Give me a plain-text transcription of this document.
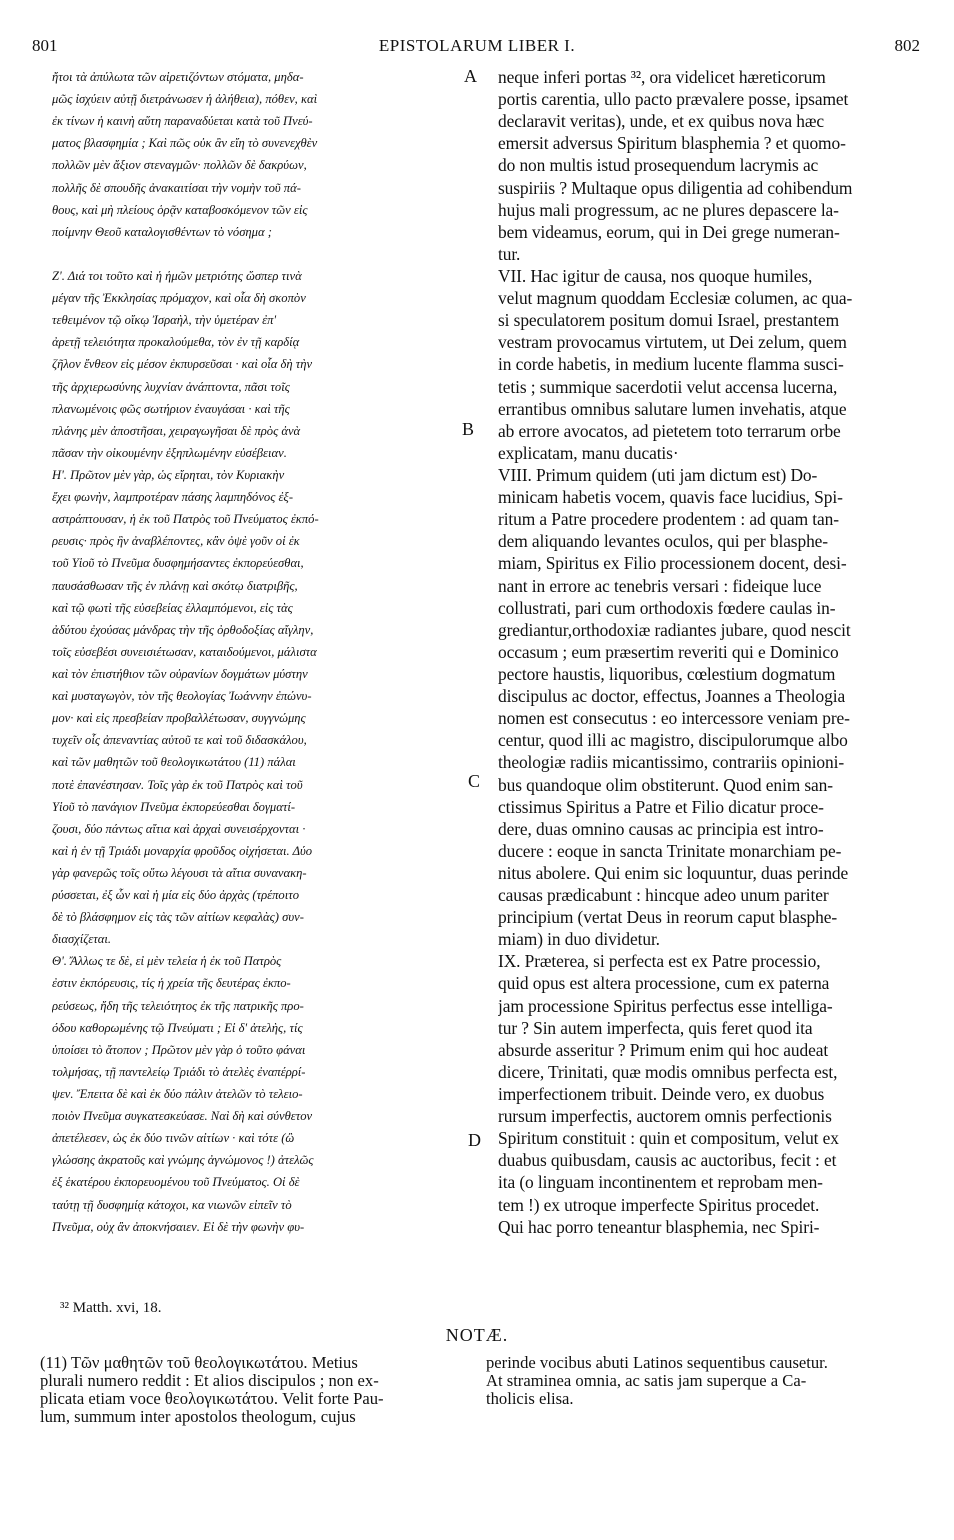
801	EPISTOLARUM LIBER I.	802
ἤτοι τὰ ἀπύλωτα τῶν αἱρετιζόντων στόματα, μηδα-
μῶς ἰσχύειν αὐτῇ διετράνωσεν ἡ ἀλήθεια), πόθεν, καὶ
ἐκ τίνων ἡ καινὴ αὕτη παραναδύεται κατὰ τοῦ Πνεύ-
ματος βλασφημία ; Καὶ πῶς οὐκ ἂν εἴη τὸ συνενεχθὲν
πολλῶν μὲν ἄξιον στεναγμῶν· πολλῶν δὲ δακρύων,
πολλῆς δὲ σπουδῆς ἀνακαιτίσαι τὴν νομὴν τοῦ πά-
θους, καὶ μὴ πλείους ὁρᾷν καταβοσκόμενον τῶν εἰς
ποίμνην Θεοῦ καταλογισθέντων τὸ νόσημα ;
Ζ'. Διά τοι τοῦτο καὶ ἡ ἡμῶν μετριότης ὥσπερ τινὰ
μέγαν τῆς Ἐκκλησίας πρόμαχον, καὶ οἷα δὴ σκοπὸν
τεθειμένον τῷ οἴκῳ Ἰσραὴλ, τὴν ὑμετέραν ἐπ'
ἀρετῇ τελειότητα προκαλούμεθα, τὸν ἐν τῇ καρδίᾳ
ζῆλον ἔνθεον εἰς μέσον ἐκπυρσεῦσαι · καὶ οἷα δὴ τὴν
τῆς ἀρχιερωσύνης λυχνίαν ἀνάπτοντα, πᾶσι τοῖς
πλανωμένοις φῶς σωτήριον ἐναυγάσαι · καὶ τῆς
πλάνης μὲν ἀποστῆσαι, χειραγωγῆσαι δὲ πρὸς ἀνὰ
πᾶσαν τὴν οἰκουμένην ἐξηπλωμένην εὐσέβειαν.
Η'. Πρῶτον μὲν γὰρ, ὡς εἴρηται, τὸν Κυριακὴν
ἔχει φωνὴν, λαμπροτέραν πάσης λαμπηδόνος ἐξ-
αστράπτουσαν, ἡ ἐκ τοῦ Πατρὸς τοῦ Πνεύματος ἐκπό-
ρευσις· πρὸς ἣν ἀναβλέποντες, κἂν ὀψὲ γοῦν οἱ ἐκ
τοῦ Υἱοῦ τὸ Πνεῦμα δυσφημήσαντες ἐκπορεύεσθαι,
παυσάσθωσαν τῆς ἐν πλάνῃ καὶ σκότῳ διατριβῆς,
καὶ τῷ φωτὶ τῆς εὐσεβείας ἐλλαμπόμενοι, εἰς τὰς
ἀδύτου ἐχούσας μάνδρας τὴν τῆς ὀρθοδοξίας αἴγλην,
τοῖς εὐσεβέσι συνεισιέτωσαν, καταιδούμενοι, μάλιστα
καὶ τὸν ἐπιστήθιον τῶν οὐρανίων δογμάτων μύστην
καὶ μυσταγωγὸν, τὸν τῆς θεολογίας Ἰωάννην ἐπώνυ-
μον· καὶ εἰς πρεσβείαν προβαλλέτωσαν, συγγνώμης
τυχεῖν οἷς ἀπεναντίας αὐτοῦ τε καὶ τοῦ διδασκάλου,
καὶ τῶν μαθητῶν τοῦ θεολογικωτάτου (11) πάλαι
ποτὲ ἐπανέστησαν. Τοῖς γὰρ ἐκ τοῦ Πατρὸς καὶ τοῦ
Υἱοῦ τὸ πανάγιον Πνεῦμα ἐκπορεύεσθαι δογματί-
ζουσι, δύο πάντως αἴτια καὶ ἀρχαὶ συνεισέρχονται ·
καὶ ἡ ἐν τῇ Τριάδι μοναρχία φροῦδος οἰχήσεται. Δύο
γὰρ φανερῶς τοῖς οὕτω λέγουσι τὰ αἴτια συνανακη-
ρύσσεται, ἐξ ὧν καὶ ἡ μία εἰς δύο ἀρχὰς (τρέποιτο
δὲ τὸ βλάσφημον εἰς τὰς τῶν αἰτίων κεφαλὰς) συν-
διασχίζεται.
Θ'. Ἄλλως τε δὲ, εἰ μὲν τελεία ἡ ἐκ τοῦ Πατρὸς
ἐστιν ἐκπόρευσις, τίς ἡ χρεία τῆς δευτέρας ἐκπο-
ρεύσεως, ἤδη τῆς τελειότητος ἐκ τῆς πατρικῆς προ-
όδου καθορωμένης τῷ Πνεύματι ; Εἰ δ' ἀτελὴς, τίς
ὑποίσει τὸ ἄτοπον ; Πρῶτον μὲν γὰρ ὁ τοῦτο φάναι
τολμήσας, τῇ παντελείῳ Τριάδι τὸ ἀτελὲς ἐναπέρρί-
ψεν. Ἔπειτα δὲ καὶ ἐκ δύο πάλιν ἀτελῶν τὸ τελειο-
ποιὸν Πνεῦμα συγκατεσκεύασε. Ναὶ δὴ καὶ σύνθετον
ἀπετέλεσεν, ὡς ἐκ δύο τινῶν αἰτίων · καὶ τότε (ὢ
γλώσσης ἀκρατοῦς καὶ γνώμης ἀγνώμονος !) ἀτελῶς
ἐξ ἑκατέρου ἐκπορευομένου τοῦ Πνεύματος. Οἱ δὲ
ταύτῃ τῇ δυσφημίᾳ κάτοχοι, κα νιωνῶν εἰπεῖν τὸ
Πνεῦμα, οὐχ ἂν ἀποκνήσαιεν. Εἰ δὲ τὴν φωνὴν φυ-
neque inferi portas ³², ora videlicet hæreticorum
portis carentia, ullo pacto prævalere posse, ipsamet
declaravit veritas), unde, et ex quibus nova hæc
emersit adversus Spiritum blasphemia ? et quomo-
do non multis istud prosequendum lacrymis ac
suspiriis ? Multaque opus diligentia ad cohibendum
hujus mali progressum, ac ne plures depascere la-
bem videamus, eorum, qui in Dei grege numeran-
tur.
VII. Hac igitur de causa, nos quoque humiles,
velut magnum quoddam Ecclesiæ columen, ac qua-
si speculatorem positum domui Israel, prestantem
vestram provocamus virtutem, ut Dei zelum, quem
in corde habetis, in medium lucente flamma susci-
tetis ; summique sacerdotii velut accensa lucerna,
errantibus omnibus salutare lumen invehatis, atque
ab errore avocatos, ad pietetem toto terrarum orbe
explicatam, manu ducatis·
VIII. Primum quidem (uti jam dictum est) Do-
minicam habetis vocem, quavis face lucidius, Spi-
ritum a Patre procedere prodentem : ad quam tan-
dem aliquando levantes oculos, qui per blasphe-
miam, Spiritus ex Filio processionem docent, desi-
nant in errore ac tenebris versari : fideique luce
collustrati, pari cum orthodoxis fœdere caulas in-
grediantur,orthodoxiæ radiantes jubare, quod nescit
occasum ; eum præsertim reveriti qui e Dominico
pectore haustis, liquoribus, cœlestium dogmatum
discipulus ac doctor, effectus, Joannes a Theologia
nomen est consecutus : eo intercessore veniam pre-
centur, quod illi ac magistro, discipulorumque albo
theologiæ radiis micantissimo, contrariis opinioni-
bus quandoque olim obstiterunt. Quod enim san-
ctissimus Spiritus a Patre et Filio dicatur proce-
dere, duas omnino causas ac principia est intro-
ducere : eoque in sancta Trinitate monarchiam pe-
nitus abolere. Qui enim sic loquuntur, duas perinde
causas prædicabunt : hincque adeo unum pariter
principium (vertat Deus in reorum caput blasphe-
miam) in duo dividetur.
IX. Præterea, si perfecta est ex Patre processio,
quid opus est altera processione, cum ex paterna
jam processione Spiritus perfectus esse intelliga-
tur ? Sin autem imperfecta, quis feret quod ita
absurde asseritur ? Primum enim qui hoc audeat
dicere, Trinitati, quæ modis omnibus perfecta est,
imperfectionem tribuit. Deinde vero, ex duobus
rursum imperfectis, auctorem omnis perfectionis
Spiritum constituit : quin et compositum, velut ex
duabus quibusdam, causis ac auctoribus, fecit : et
ita (o linguam incontinentem et reprobam men-
tem !) ex utroque imperfecte Spiritus procedet.
Qui hac porro teneantur blasphemia, nec Spiri-
A
B
C
D
³² Matth. xvi, 18.
NOTÆ.
(11) Τῶν μαθητῶν τοῦ θεολογικωτάτου. Metius
plurali numero reddit : Et alios discipulos ; non ex-
plicata etiam voce θεολογικωτάτου. Velit forte Pau-
lum, summum inter apostolos theologum, cujus
perinde vocibus abuti Latinos sequentibus causetur.
At straminea omnia, ac satis jam superque a Ca-
tholicis elisa.
